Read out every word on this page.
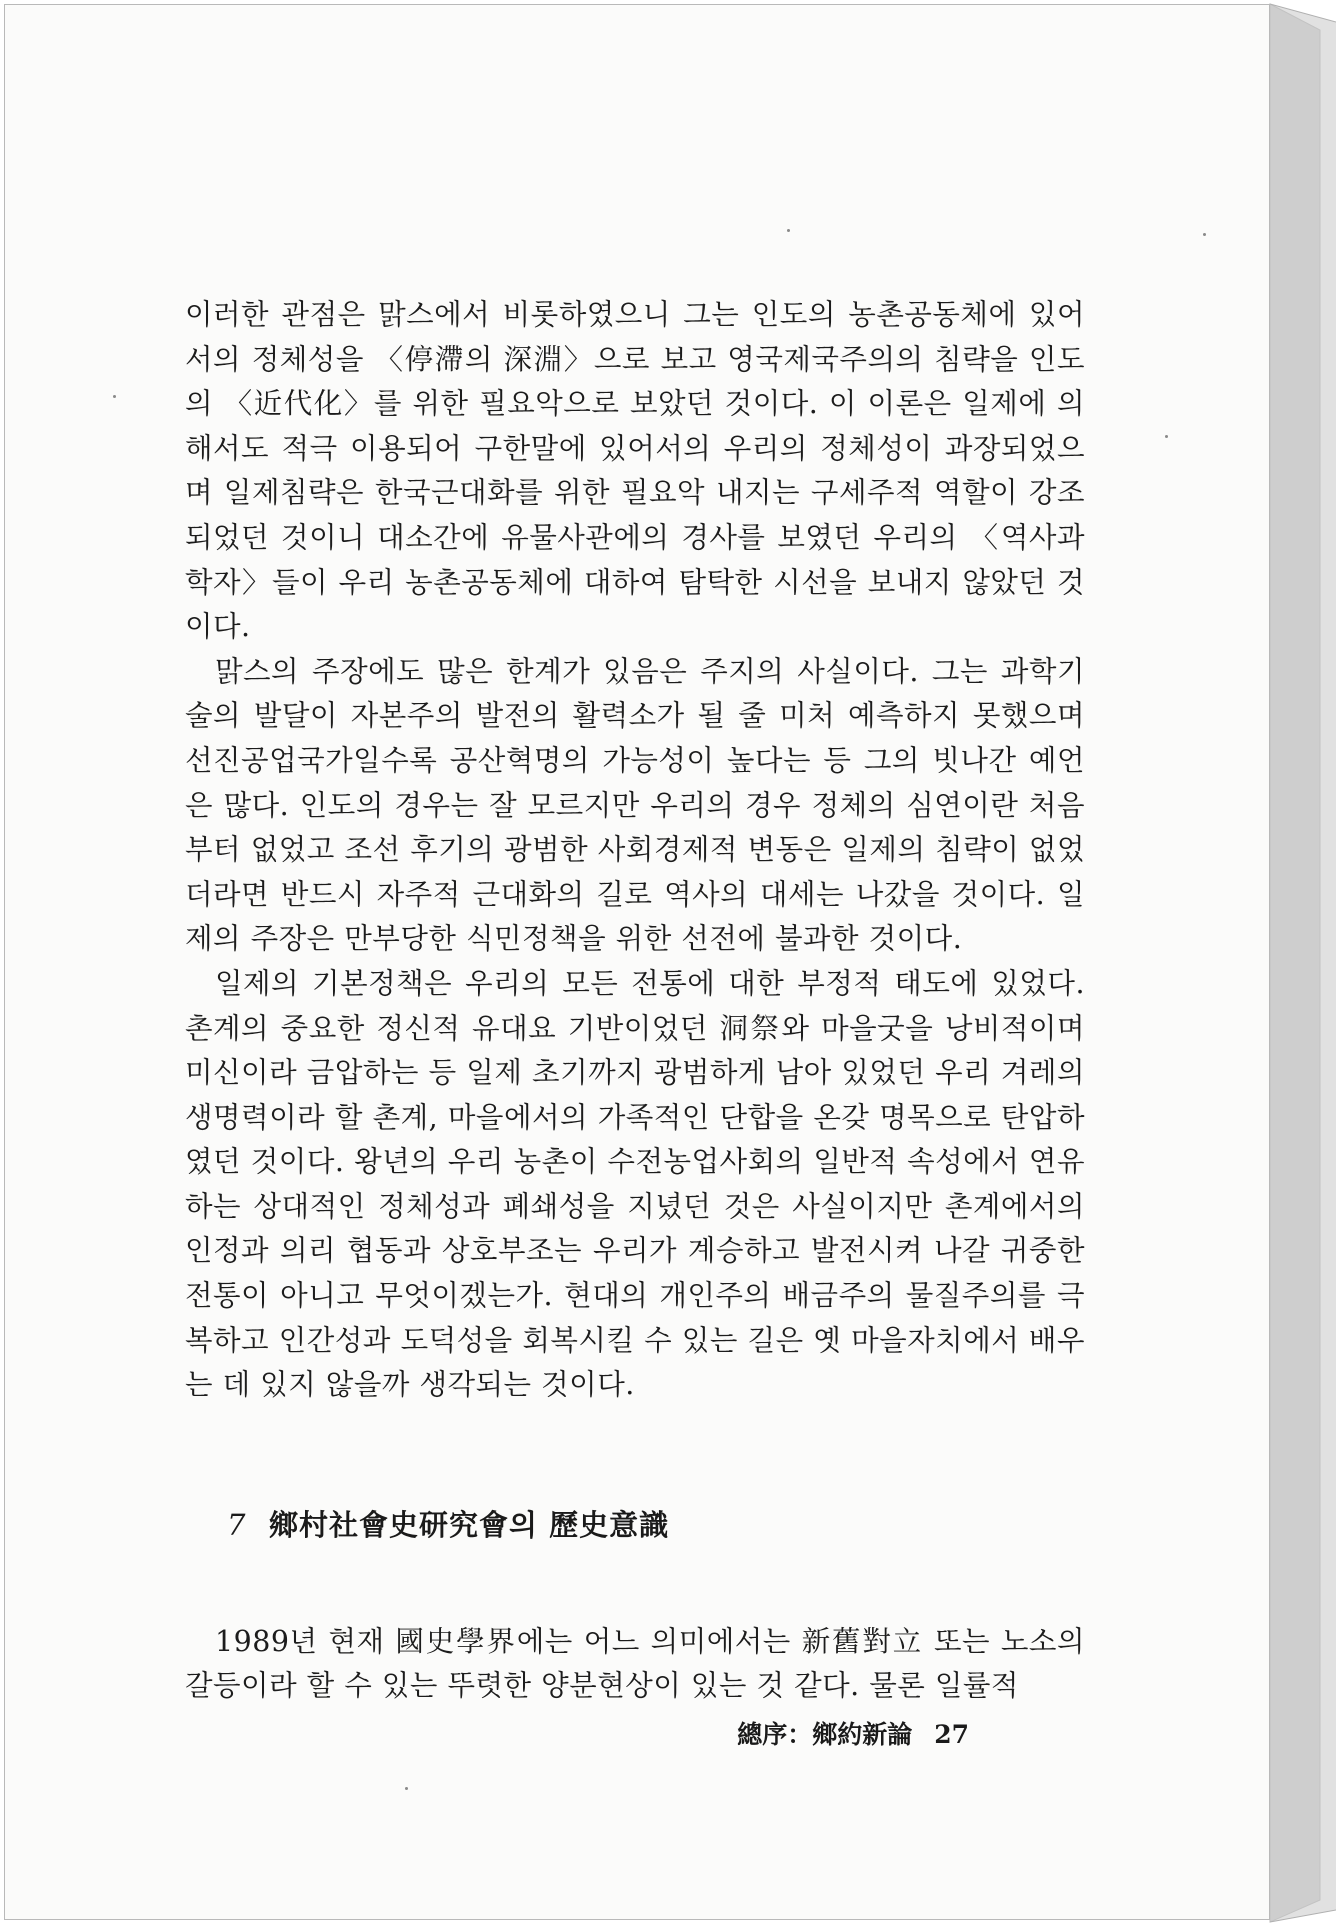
이러한 관점은 맑스에서 비롯하였으니 그는 인도의 농촌공동체에 있어서의 정체성을 〈停滯의 深淵〉으로 보고 영국제국주의의 침략을 인도의 〈近代化〉를 위한 필요악으로 보았던 것이다. 이 이론은 일제에 의해서도 적극 이용되어 구한말에 있어서의 우리의 정체성이 과장되었으며 일제침략은 한국근대화를 위한 필요악 내지는 구세주적 역할이 강조되었던 것이니 대소간에 유물사관에의 경사를 보였던 우리의 〈역사과학자〉들이 우리 농촌공동체에 대하여 탐탁한 시선을 보내지 않았던 것이다.

맑스의 주장에도 많은 한계가 있음은 주지의 사실이다. 그는 과학기술의 발달이 자본주의 발전의 활력소가 될 줄 미처 예측하지 못했으며 선진공업국가일수록 공산혁명의 가능성이 높다는 등 그의 빗나간 예언은 많다. 인도의 경우는 잘 모르지만 우리의 경우 정체의 심연이란 처음부터 없었고 조선 후기의 광범한 사회경제적 변동은 일제의 침략이 없었더라면 반드시 자주적 근대화의 길로 역사의 대세는 나갔을 것이다. 일제의 주장은 만부당한 식민정책을 위한 선전에 불과한 것이다.

일제의 기본정책은 우리의 모든 전통에 대한 부정적 태도에 있었다. 촌계의 중요한 정신적 유대요 기반이었던 洞祭와 마을굿을 낭비적이며 미신이라 금압하는 등 일제 초기까지 광범하게 남아 있었던 우리 겨레의 생명력이라 할 촌계, 마을에서의 가족적인 단합을 온갖 명목으로 탄압하였던 것이다. 왕년의 우리 농촌이 수전농업사회의 일반적 속성에서 연유하는 상대적인 정체성과 폐쇄성을 지녔던 것은 사실이지만 촌계에서의 인정과 의리 협동과 상호부조는 우리가 계승하고 발전시켜 나갈 귀중한 전통이 아니고 무엇이겠는가. 현대의 개인주의 배금주의 물질주의를 극복하고 인간성과 도덕성을 회복시킬 수 있는 길은 옛 마을자치에서 배우는 데 있지 않을까 생각되는 것이다.

7 鄉村社會史研究會의 歷史意識

1989년 현재 國史學界에는 어느 의미에서는 新舊對立 또는 노소의 갈등이라 할 수 있는 뚜렷한 양분현상이 있는 것 같다. 물론 일률적

總序：鄉約新論 27
